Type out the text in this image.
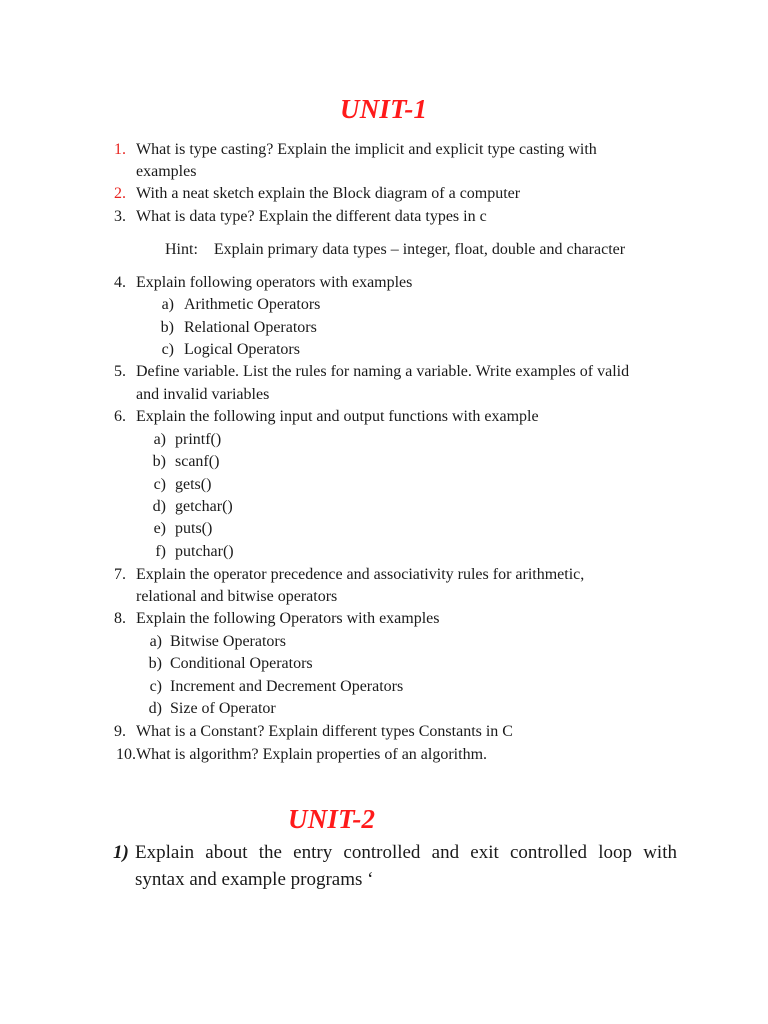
UNIT-1
1. What is type casting? Explain the implicit and explicit type casting with
examples
2. With a neat sketch explain the Block diagram of a computer
3. What is data type? Explain the different data types in c
Hint: Explain primary data types – integer, float, double and character
4. Explain following operators with examples
a) Arithmetic Operators
b) Relational Operators
c) Logical Operators
5. Define variable. List the rules for naming a variable. Write examples of valid
and invalid variables
6. Explain the following input and output functions with example
a) printf()
b) scanf()
c) gets()
d) getchar()
e) puts()
f) putchar()
7. Explain the operator precedence and associativity rules for arithmetic,
relational and bitwise operators
8. Explain the following Operators with examples
a) Bitwise Operators
b) Conditional Operators
c) Increment and Decrement Operators
d) Size of Operator
9. What is a Constant? Explain different types Constants in C
10. What is algorithm? Explain properties of an algorithm.
UNIT-2
1) Explain about the entry controlled and exit controlled loop with
syntax and example programs ‘
